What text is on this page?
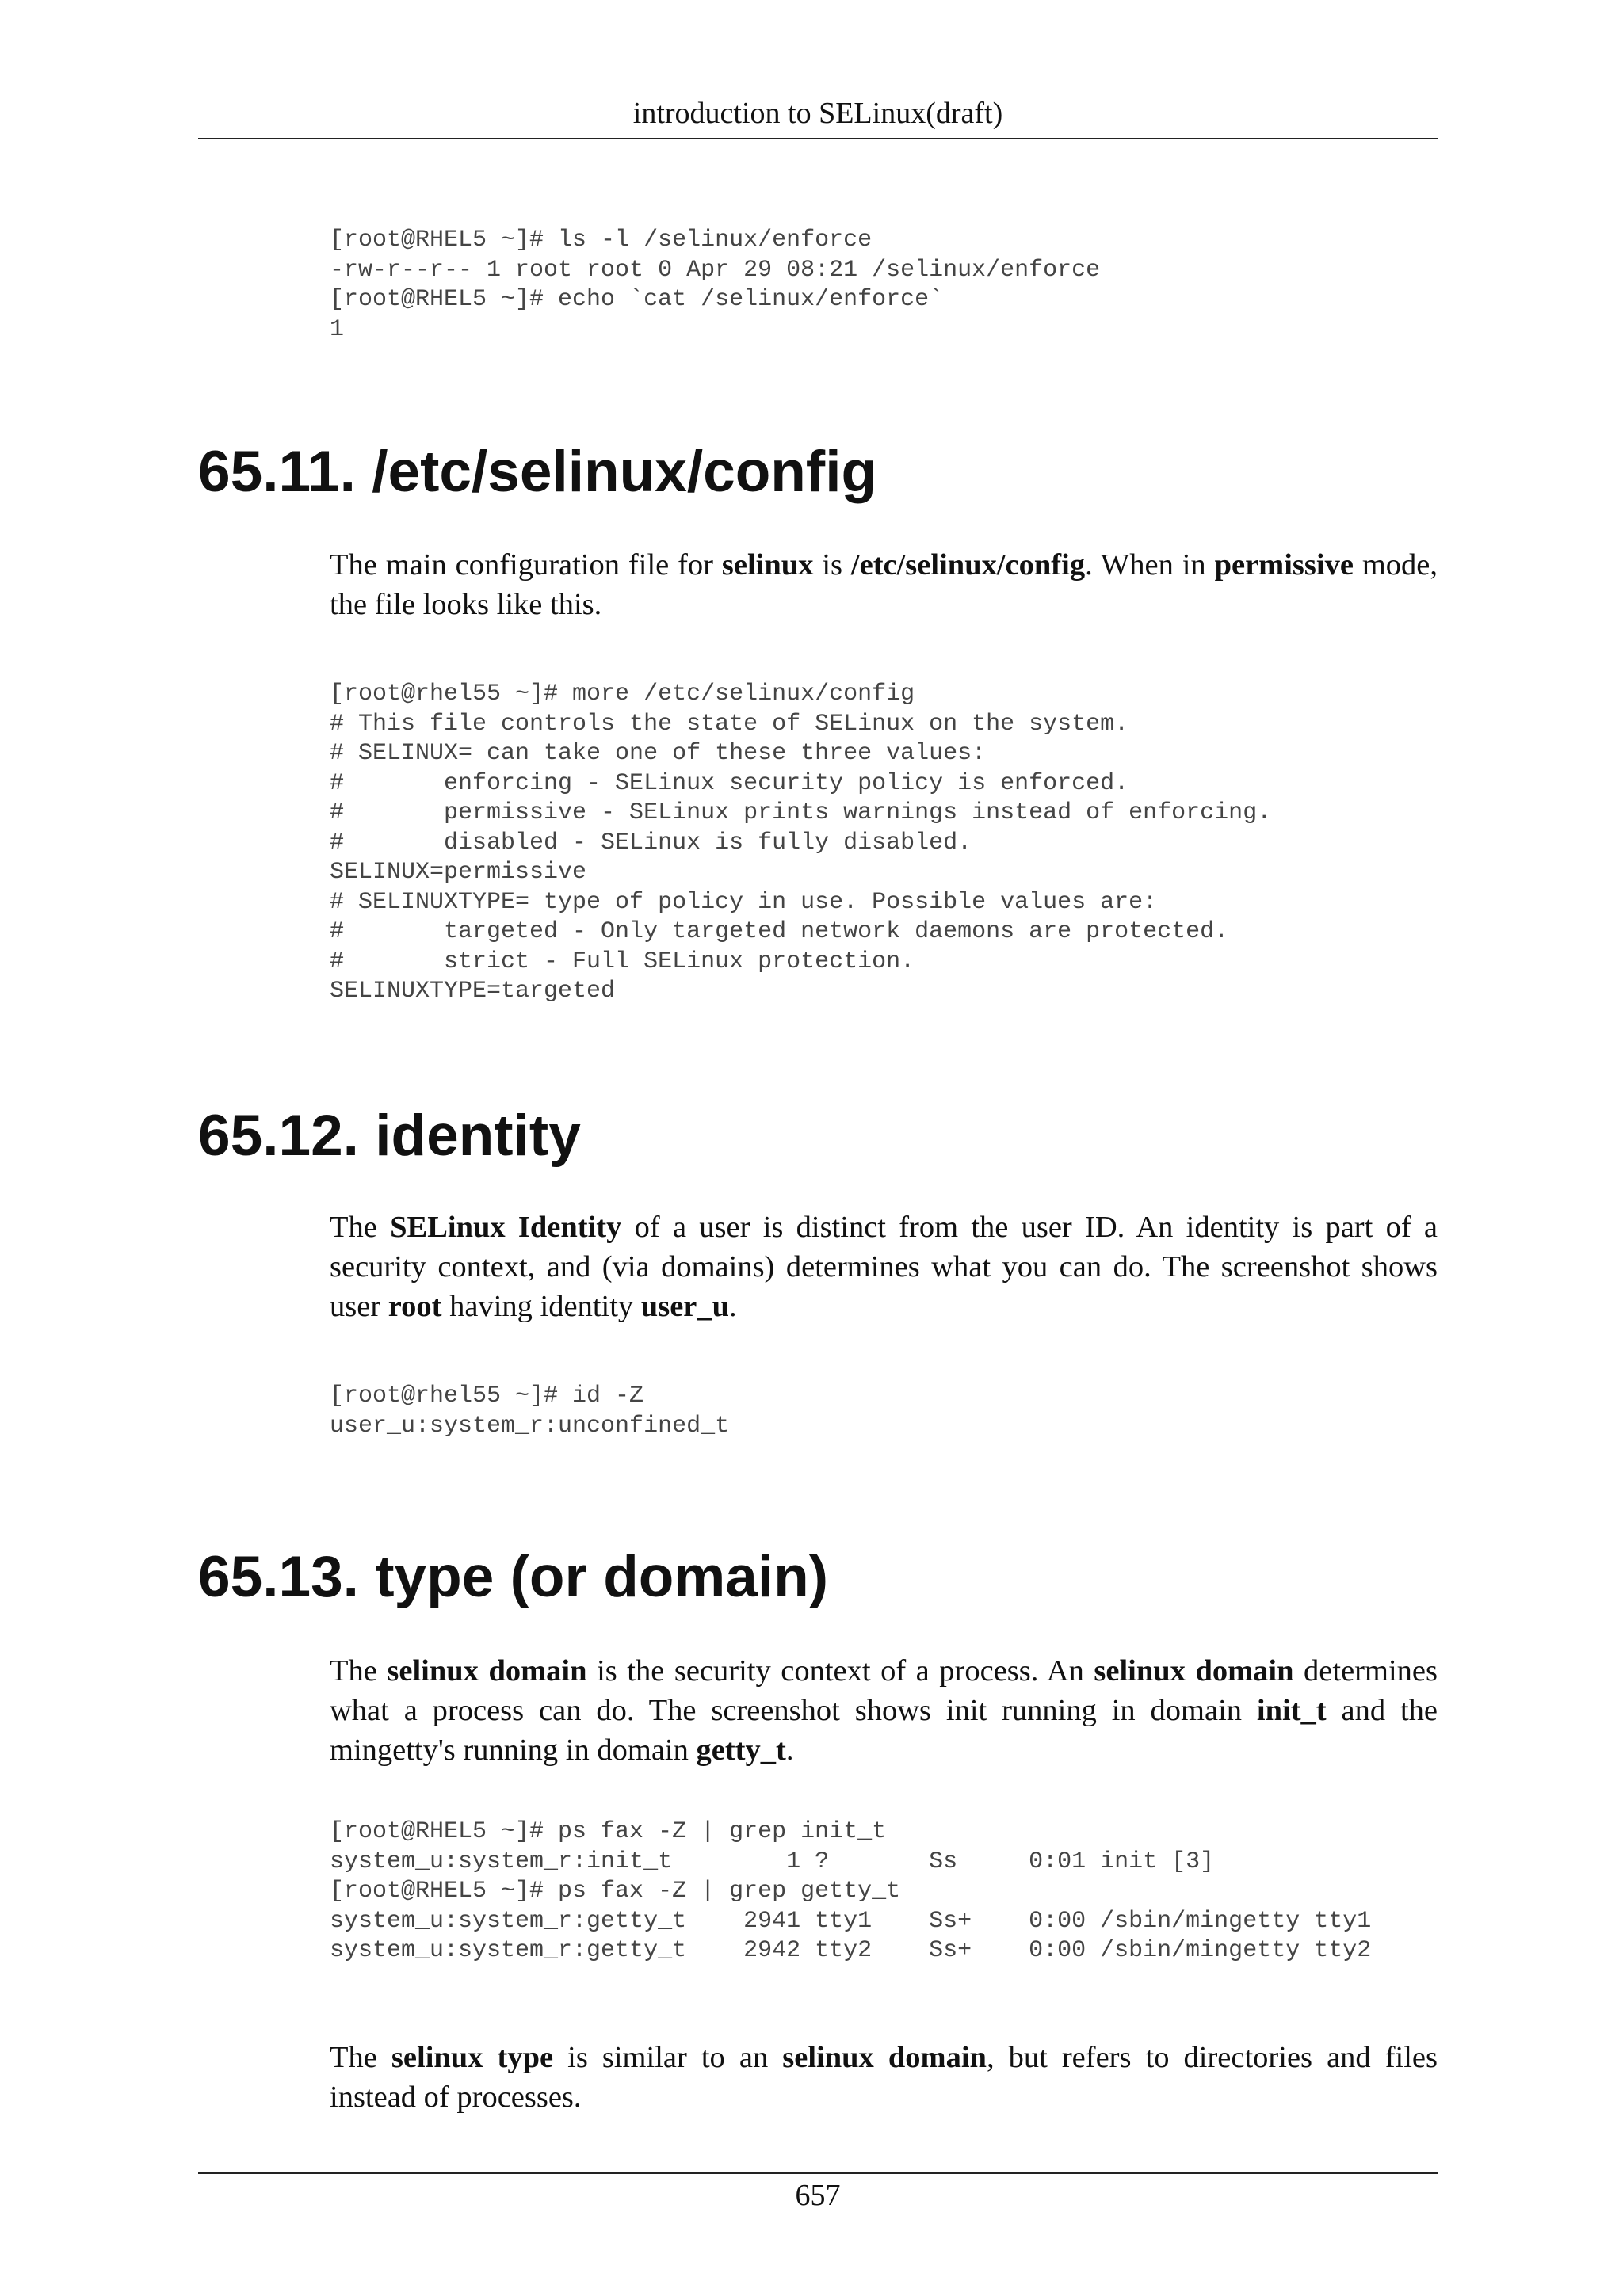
introduction to SELinux(draft)
[root@RHEL5 ~]# ls -l /selinux/enforce
-rw-r--r-- 1 root root 0 Apr 29 08:21 /selinux/enforce
[root@RHEL5 ~]# echo `cat /selinux/enforce`
1
65.11. /etc/selinux/config

The main configuration file for selinux is /etc/selinux/config. When in permissive mode, the file looks like this.

[root@rhel55 ~]# more /etc/selinux/config
# This file controls the state of SELinux on the system.
# SELINUX= can take one of these three values:
#       enforcing - SELinux security policy is enforced.
#       permissive - SELinux prints warnings instead of enforcing.
#       disabled - SELinux is fully disabled.
SELINUX=permissive
# SELINUXTYPE= type of policy in use. Possible values are:
#       targeted - Only targeted network daemons are protected.
#       strict - Full SELinux protection.
SELINUXTYPE=targeted
65.12. identity

The SELinux Identity of a user is distinct from the user ID. An identity is part of a security context, and (via domains) determines what you can do. The screenshot shows user root having identity user_u.

[root@rhel55 ~]# id -Z
user_u:system_r:unconfined_t
65.13. type (or domain)

The selinux domain is the security context of a process. An selinux domain determines what a process can do. The screenshot shows init running in domain init_t and the mingetty's running in domain getty_t.

[root@RHEL5 ~]# ps fax -Z | grep init_t
system_u:system_r:init_t        1 ?       Ss     0:01 init [3]
[root@RHEL5 ~]# ps fax -Z | grep getty_t
system_u:system_r:getty_t    2941 tty1    Ss+    0:00 /sbin/mingetty tty1
system_u:system_r:getty_t    2942 tty2    Ss+    0:00 /sbin/mingetty tty2

The selinux type is similar to an selinux domain, but refers to directories and files instead of processes.

657
